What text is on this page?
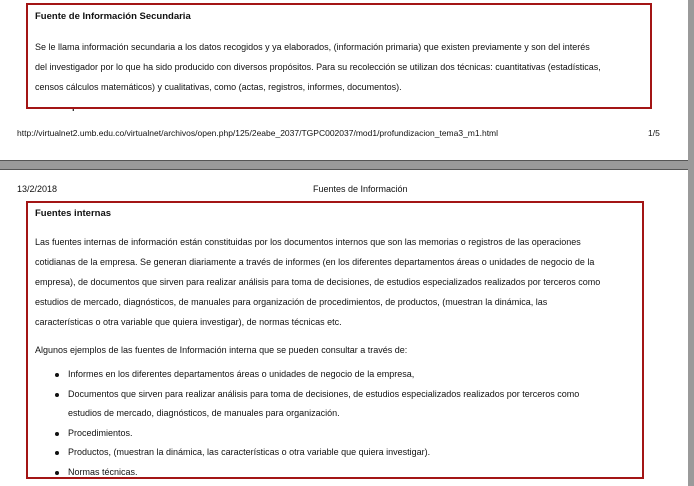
Fuente de Información Secundaria

Se le llama información secundaria a los datos recogidos y ya elaborados, (información primaria) que existen previamente y son del interés

del investigador por lo que ha sido producido con diversos propósitos. Para su recolección se utilizan dos técnicas: cuantitativas (estadísticas,

censos cálculos matemáticos) y cualitativas, como (actas, registros, informes, documentos).

http://virtualnet2.umb.edu.co/virtualnet/archivos/open.php/125/2eabe_2037/TGPC002037/mod1/profundizacion_tema3_m1.html	1/5
13/2/2018	Fuentes de Información
Fuentes internas

Las fuentes internas de información están constituidas por los documentos internos que son las memorias o registros de las operaciones

cotidianas de la empresa. Se generan diariamente a través de informes (en los diferentes departamentos áreas o unidades de negocio de la

empresa), de documentos que sirven para realizar análisis para toma de decisiones, de estudios especializados realizados por terceros como

estudios de mercado, diagnósticos, de manuales para organización de procedimientos, de productos, (muestran la dinámica, las

características o otra variable que quiera investigar), de normas técnicas etc.

Algunos ejemplos de las fuentes de Información interna que se pueden consultar a través de:
Informes en los diferentes departamentos áreas o unidades de negocio de la empresa,
Documentos que sirven para realizar análisis para toma de decisiones, de estudios especializados realizados por terceros como
estudios de mercado, diagnósticos, de manuales para organización.
Procedimientos.
Productos, (muestran la dinámica, las características o otra variable que quiera investigar).
Normas técnicas.
